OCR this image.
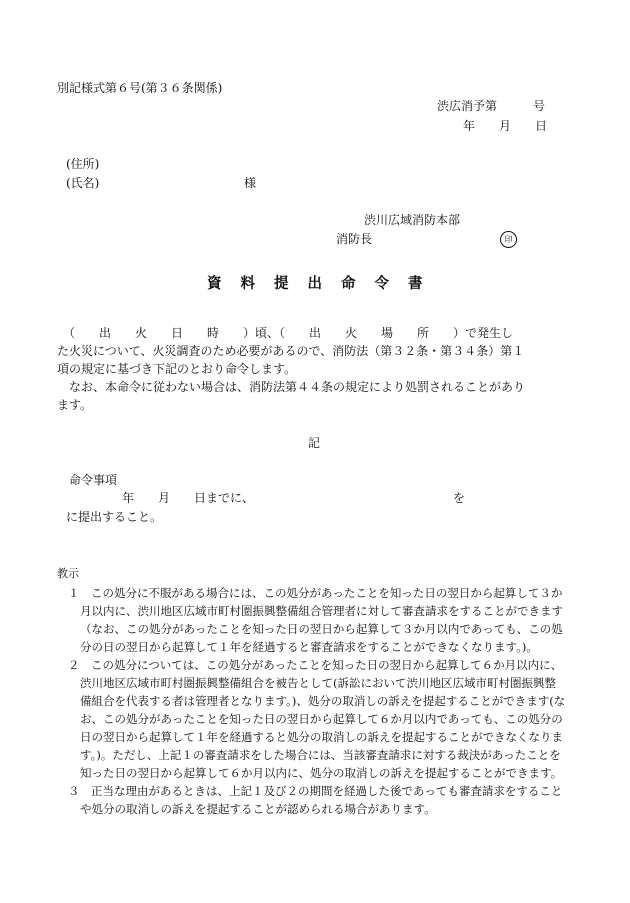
別記様式第６号(第３６条関係)
渋広消予第　　　号
年　　月　　日
(住所)
(氏名)	様
渋川広域消防本部
消防長	印
資料提出命令書
　（　　出　　火　　日　　時　　）頃、（　　出　　火　　場　　所　　）で発生し
た火災について、火災調査のため必要があるので、消防法（第３２条・第３４条）第１
項の規定に基づき下記のとおり命令します。
　なお、本命令に従わない場合は、消防法第４４条の規定により処罰されることがあり
ます。
記
命令事項
年　　月　　日までに、	を
に提出すること。
教示
１　この処分に不服がある場合には、この処分があったことを知った日の翌日から起算して３か
月以内に、渋川地区広域市町村圏振興整備組合管理者に対して審査請求をすることができます
（なお、この処分があったことを知った日の翌日から起算して３か月以内であっても、この処
分の日の翌日から起算して１年を経過すると審査請求をすることができなくなります。)。
２　この処分については、この処分があったことを知った日の翌日から起算して６か月以内に、
渋川地区広域市町村圏振興整備組合を被告として(訴訟において渋川地区広域市町村圏振興整
備組合を代表する者は管理者となります。)、処分の取消しの訴えを提起することができます(な
お、この処分があったことを知った日の翌日から起算して６か月以内であっても、この処分の
日の翌日から起算して１年を経過すると処分の取消しの訴えを提起することができなくなりま
す。)。ただし、上記１の審査請求をした場合には、当該審査請求に対する裁決があったことを
知った日の翌日から起算して６か月以内に、処分の取消しの訴えを提起することができます。
３　正当な理由があるときは、上記１及び２の期間を経過した後であっても審査請求をすること
や処分の取消しの訴えを提起することが認められる場合があります。
